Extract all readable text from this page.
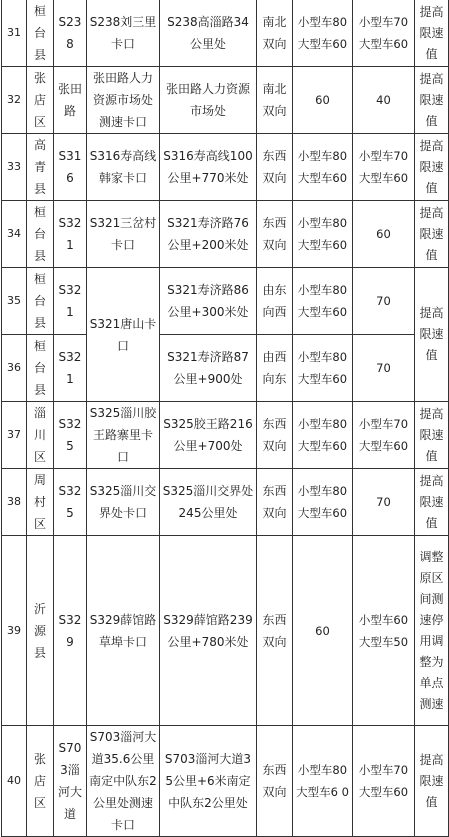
31	桓台县	S238	S238刘三里卡口	S238高淄路34公里处	南北双向	小型车80 大型车60	小型车70 大型车60	提高限速值
32	张店区	张田路	张田路人力资源市场处测速卡口	张田路人力资源市场处	南北双向	60	40	提高限速值
33	高青县	S316	S316寿高线韩家卡口	S316寿高线100公里+770米处	东西双向	小型车80 大型车60	小型车70 大型车60	提高限速值
34	桓台县	S321	S321三岔村卡口	S321寿济路76公里+200米处	东西双向	小型车80 大型车60	60	提高限速值
35	桓台县	S321	S321唐山卡口	S321寿济路86公里+300米处	由东向西	小型车80 大型车60	70	提高限速值
36	桓台县	S321		S321寿济路87公里+900处	由西向东	小型车80 大型车60	70	
37	淄川区	S325	S325淄川胶王路寨里卡口	S325胶王路216公里+700处	东西双向	小型车80 大型车60	小型车70 大型车60	提高限速值
38	周村区	S325	S325淄川交界处卡口	S325淄川交界处245公里处	东西双向	小型车80 大型车60	70	提高限速值
39	沂源县	S329	S329薛馆路草埠卡口	S329薛馆路239公里+780米处	东西双向	60	小型车60 大型车50	调整原区间测速停用调整为单点测速
40	张店区	S703淄河大道	S703淄河大道35.6公里南定中队东2公里处测速卡口	S703淄河大道35公里+6米南定中队东2公里处	东西双向	小型车80 大型车6 0	小型车70 大型车60	提高限速值
